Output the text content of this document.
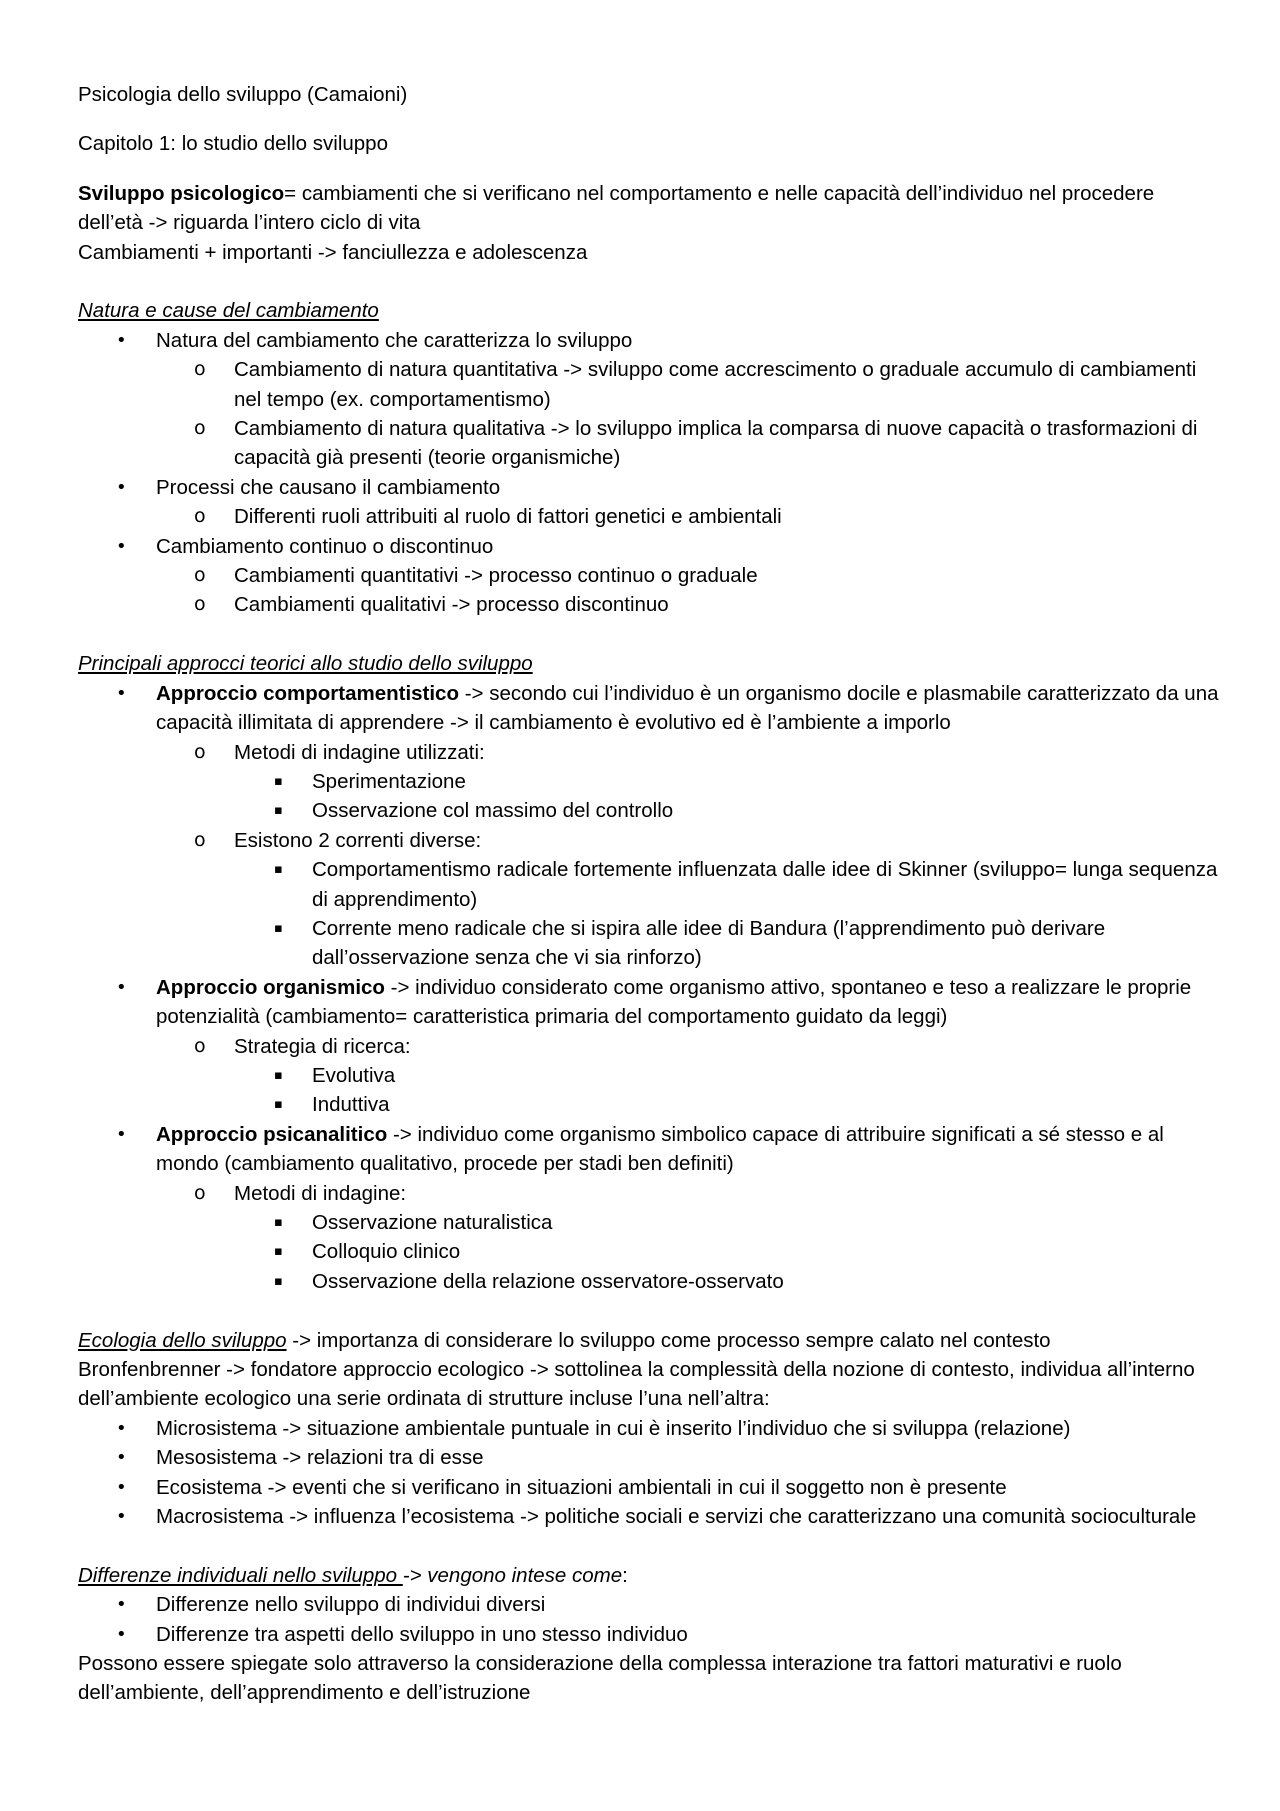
Psicologia dello sviluppo (Camaioni)

Capitolo 1: lo studio dello sviluppo

Sviluppo psicologico= cambiamenti che si verificano nel comportamento e nelle capacità dell’individuo nel procedere dell’età -> riguarda l’intero ciclo di vita

Cambiamenti + importanti -> fanciullezza e adolescenza

Natura e cause del cambiamento

• Natura del cambiamento che caratterizza lo sviluppo
o Cambiamento di natura quantitativa -> sviluppo come accrescimento o graduale accumulo di cambiamenti nel tempo (ex. comportamentismo)
o Cambiamento di natura qualitativa -> lo sviluppo implica la comparsa di nuove capacità o trasformazioni di capacità già presenti (teorie organismiche)
• Processi che causano il cambiamento
o Differenti ruoli attribuiti al ruolo di fattori genetici e ambientali
• Cambiamento continuo o discontinuo
o Cambiamenti quantitativi -> processo continuo o graduale
o Cambiamenti qualitativi -> processo discontinuo

Principali approcci teorici allo studio dello sviluppo

• Approccio comportamentistico -> secondo cui l’individuo è un organismo docile e plasmabile caratterizzato da una capacità illimitata di apprendere -> il cambiamento è evolutivo ed è l’ambiente a imporlo
o Metodi di indagine utilizzati:
▪ Sperimentazione
▪ Osservazione col massimo del controllo
o Esistono 2 correnti diverse:
▪ Comportamentismo radicale fortemente influenzata dalle idee di Skinner (sviluppo= lunga sequenza di apprendimento)
▪ Corrente meno radicale che si ispira alle idee di Bandura (l’apprendimento può derivare dall’osservazione senza che vi sia rinforzo)
• Approccio organismico -> individuo considerato come organismo attivo, spontaneo e teso a realizzare le proprie potenzialità (cambiamento= caratteristica primaria del comportamento guidato da leggi)
o Strategia di ricerca:
▪ Evolutiva
▪ Induttiva
• Approccio psicanalitico -> individuo come organismo simbolico capace di attribuire significati a sé stesso e al mondo (cambiamento qualitativo, procede per stadi ben definiti)
o Metodi di indagine:
▪ Osservazione naturalistica
▪ Colloquio clinico
▪ Osservazione della relazione osservatore-osservato

Ecologia dello sviluppo -> importanza di considerare lo sviluppo come processo sempre calato nel contesto

Bronfenbrenner -> fondatore approccio ecologico -> sottolinea la complessità della nozione di contesto, individua all’interno dell’ambiente ecologico una serie ordinata di strutture incluse l’una nell’altra:

• Microsistema -> situazione ambientale puntuale in cui è inserito l’individuo che si sviluppa (relazione)
• Mesosistema -> relazioni tra di esse
• Ecosistema -> eventi che si verificano in situazioni ambientali in cui il soggetto non è presente
• Macrosistema -> influenza l’ecosistema -> politiche sociali e servizi che caratterizzano una comunità socioculturale

Differenze individuali nello sviluppo -> vengono intese come:

• Differenze nello sviluppo di individui diversi
• Differenze tra aspetti dello sviluppo in uno stesso individuo

Possono essere spiegate solo attraverso la considerazione della complessa interazione tra fattori maturativi e ruolo dell’ambiente, dell’apprendimento e dell’istruzione
